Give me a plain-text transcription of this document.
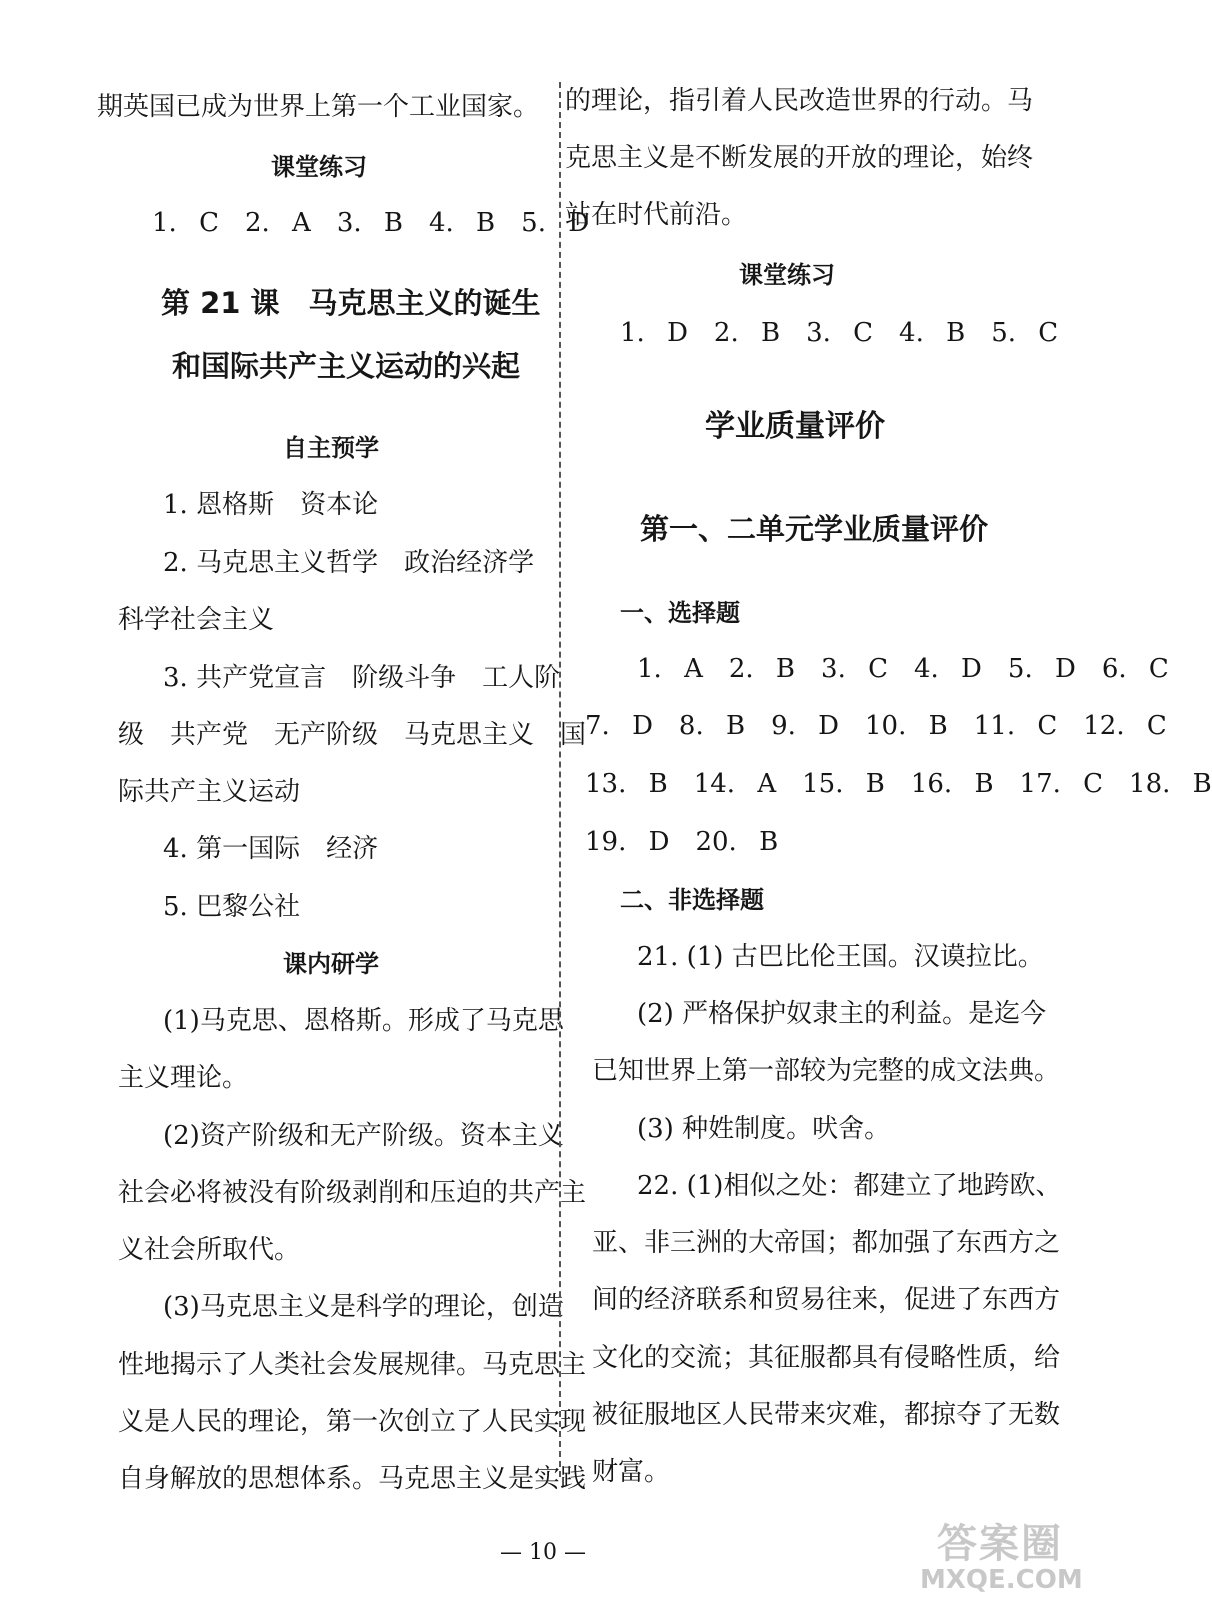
期英国已成为世界上第一个工业国家。
课堂练习
1. C　2. A　3. B　4. B　5. D
第 21 课　马克思主义的诞生
和国际共产主义运动的兴起
自主预学
1. 恩格斯　资本论
2. 马克思主义哲学　政治经济学
科学社会主义
3. 共产党宣言　阶级斗争　工人阶
级　共产党　无产阶级　马克思主义　国
际共产主义运动
4. 第一国际　经济
5. 巴黎公社
课内研学
(1)马克思、恩格斯。形成了马克思
主义理论。
(2)资产阶级和无产阶级。资本主义
社会必将被没有阶级剥削和压迫的共产主
义社会所取代。
(3)马克思主义是科学的理论，创造
性地揭示了人类社会发展规律。马克思主
义是人民的理论，第一次创立了人民实现
自身解放的思想体系。马克思主义是实践
的理论，指引着人民改造世界的行动。马
克思主义是不断发展的开放的理论，始终
站在时代前沿。
课堂练习
1. D　2. B　3. C　4. B　5. C
学业质量评价
第一、二单元学业质量评价
一、选择题
1. A　2. B　3. C　4. D　5. D　6. C
7. D　8. B　9. D　10. B　11. C　12. C
13. B　14. A　15. B　16. B　17. C　18. B
19. D　20. B
二、非选择题
21. (1) 古巴比伦王国。汉谟拉比。
(2) 严格保护奴隶主的利益。是迄今
已知世界上第一部较为完整的成文法典。
(3) 种姓制度。吠舍。
22. (1)相似之处：都建立了地跨欧、
亚、非三洲的大帝国；都加强了东西方之
间的经济联系和贸易往来，促进了东西方
文化的交流；其征服都具有侵略性质，给
被征服地区人民带来灾难，都掠夺了无数
财富。
— 10 —	答案圈
MXQE.COM
